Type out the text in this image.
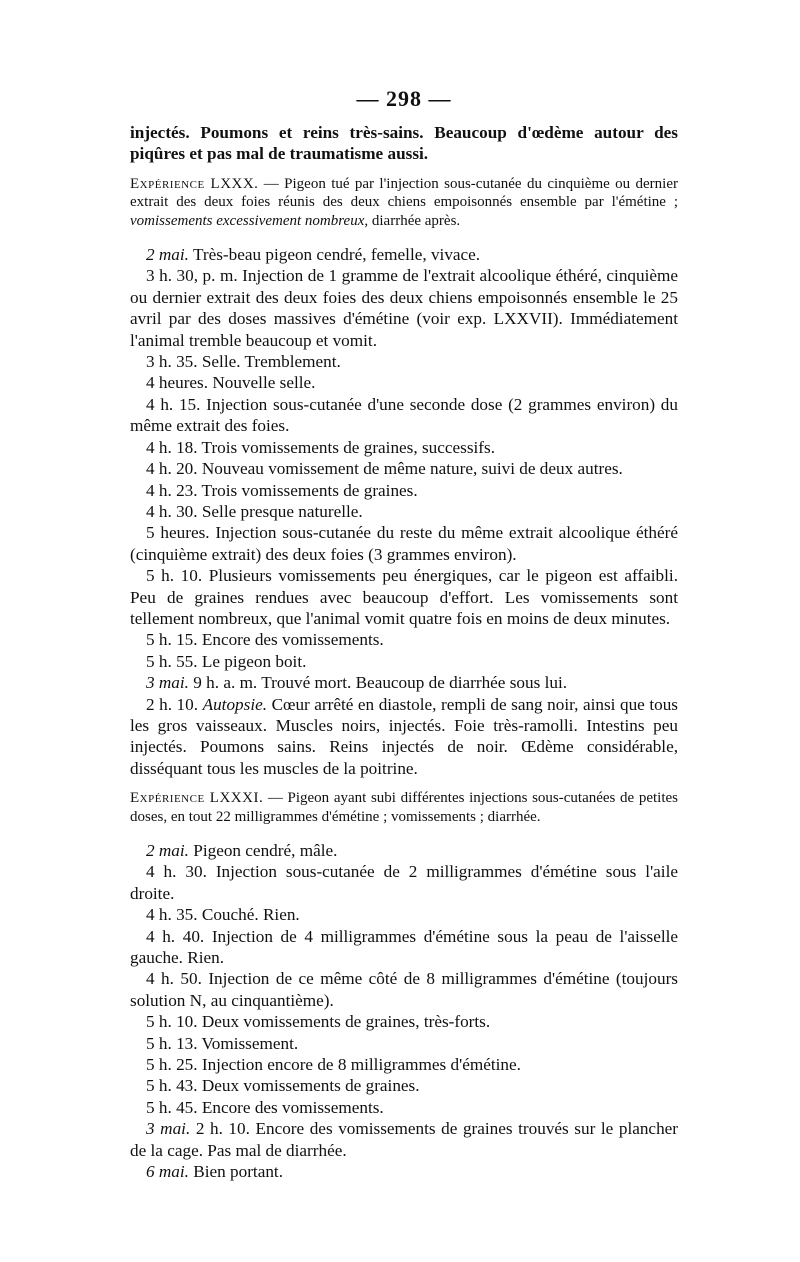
— 298 —

injectés. Poumons et reins très-sains. Beaucoup d'œdème autour des piqûres et pas mal de traumatisme aussi.

Expérience LXXX. — Pigeon tué par l'injection sous-cutanée du cinquième ou dernier extrait des deux foies réunis des deux chiens empoisonnés ensemble par l'émétine ; vomissements excessivement nombreux, diarrhée après.

2 mai. Très-beau pigeon cendré, femelle, vivace.

3 h. 30, p. m. Injection de 1 gramme de l'extrait alcoolique éthéré, cinquième ou dernier extrait des deux foies des deux chiens empoisonnés ensemble le 25 avril par des doses massives d'émétine (voir exp. LXXVII). Immédiatement l'animal tremble beaucoup et vomit.

3 h. 35. Selle. Tremblement.

4 heures. Nouvelle selle.

4 h. 15. Injection sous-cutanée d'une seconde dose (2 grammes environ) du même extrait des foies.

4 h. 18. Trois vomissements de graines, successifs.

4 h. 20. Nouveau vomissement de même nature, suivi de deux autres.

4 h. 23. Trois vomissements de graines.

4 h. 30. Selle presque naturelle.

5 heures. Injection sous-cutanée du reste du même extrait alcoolique éthéré (cinquième extrait) des deux foies (3 grammes environ).

5 h. 10. Plusieurs vomissements peu énergiques, car le pigeon est affaibli. Peu de graines rendues avec beaucoup d'effort. Les vomissements sont tellement nombreux, que l'animal vomit quatre fois en moins de deux minutes.

5 h. 15. Encore des vomissements.

5 h. 55. Le pigeon boit.

3 mai. 9 h. a. m. Trouvé mort. Beaucoup de diarrhée sous lui.

2 h. 10. Autopsie. Cœur arrêté en diastole, rempli de sang noir, ainsi que tous les gros vaisseaux. Muscles noirs, injectés. Foie très-ramolli. Intestins peu injectés. Poumons sains. Reins injectés de noir. Œdème considérable, disséquant tous les muscles de la poitrine.

Expérience LXXXI. — Pigeon ayant subi différentes injections sous-cutanées de petites doses, en tout 22 milligrammes d'émétine ; vomissements ; diarrhée.

2 mai. Pigeon cendré, mâle.

4 h. 30. Injection sous-cutanée de 2 milligrammes d'émétine sous l'aile droite.

4 h. 35. Couché. Rien.

4 h. 40. Injection de 4 milligrammes d'émétine sous la peau de l'aisselle gauche. Rien.

4 h. 50. Injection de ce même côté de 8 milligrammes d'émétine (toujours solution N, au cinquantième).

5 h. 10. Deux vomissements de graines, très-forts.

5 h. 13. Vomissement.

5 h. 25. Injection encore de 8 milligrammes d'émétine.

5 h. 43. Deux vomissements de graines.

5 h. 45. Encore des vomissements.

3 mai. 2 h. 10. Encore des vomissements de graines trouvés sur le plancher de la cage. Pas mal de diarrhée.

6 mai. Bien portant.
